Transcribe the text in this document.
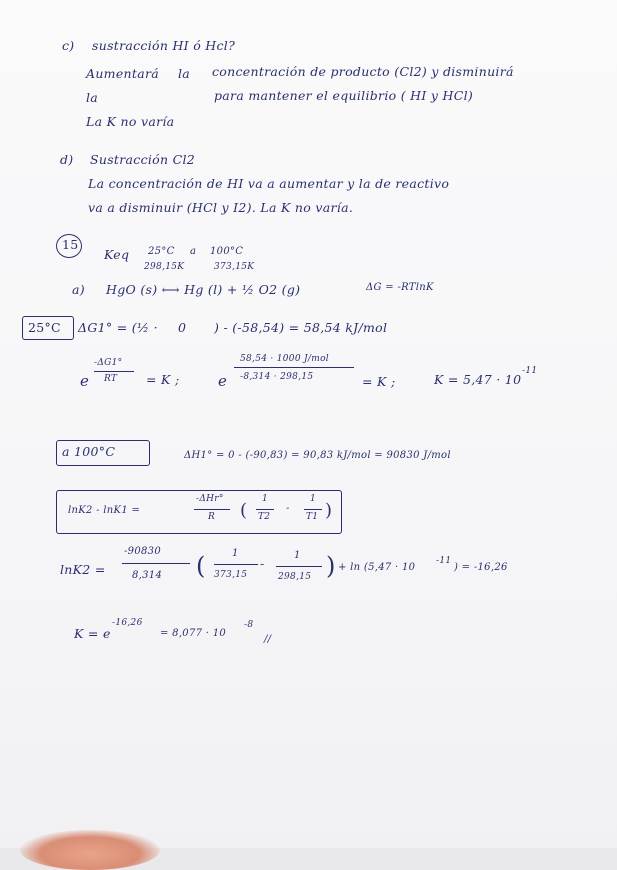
c) sustracción HI ó Hcl?
Aumentará la concentración de producto (Cl2) y disminuirá
la	para mantener el equilibrio ( HI y HCl)
La K no varía
d) Sustracción Cl2
La concentración de HI va a aumentar y la de reactivo
va a disminuir (HCl y I2). La K no varía.
15
Keq 25°C
298,15K
a 100°C
373,15K
a) HgO (s) ⟷ Hg (l) + ½ O2 (g)	ΔG = -RTlnK
25°C ΔG1° = (½ · 0 ) - (-58,54) = 58,54 kJ/mol
e
-ΔG1°
RT = K ;	e
58,54 · 1000 J/mol
-8,314 · 298,15	= K ;	K = 5,47 · 10
-11
a 100°C	ΔH1° = 0 - (-90,83) = 90,83 kJ/mol = 90830 J/mol
lnK2 - lnK1 =
-ΔHr°
R (
1
T2
-
1
T1 )
lnK2 =
-90830
8,314 (	1
373,15
-
1
298,15 ) + ln (5,47 · 10
-11
) = -16,26
K = e
-16,26
= 8,077 · 10
-8
//
